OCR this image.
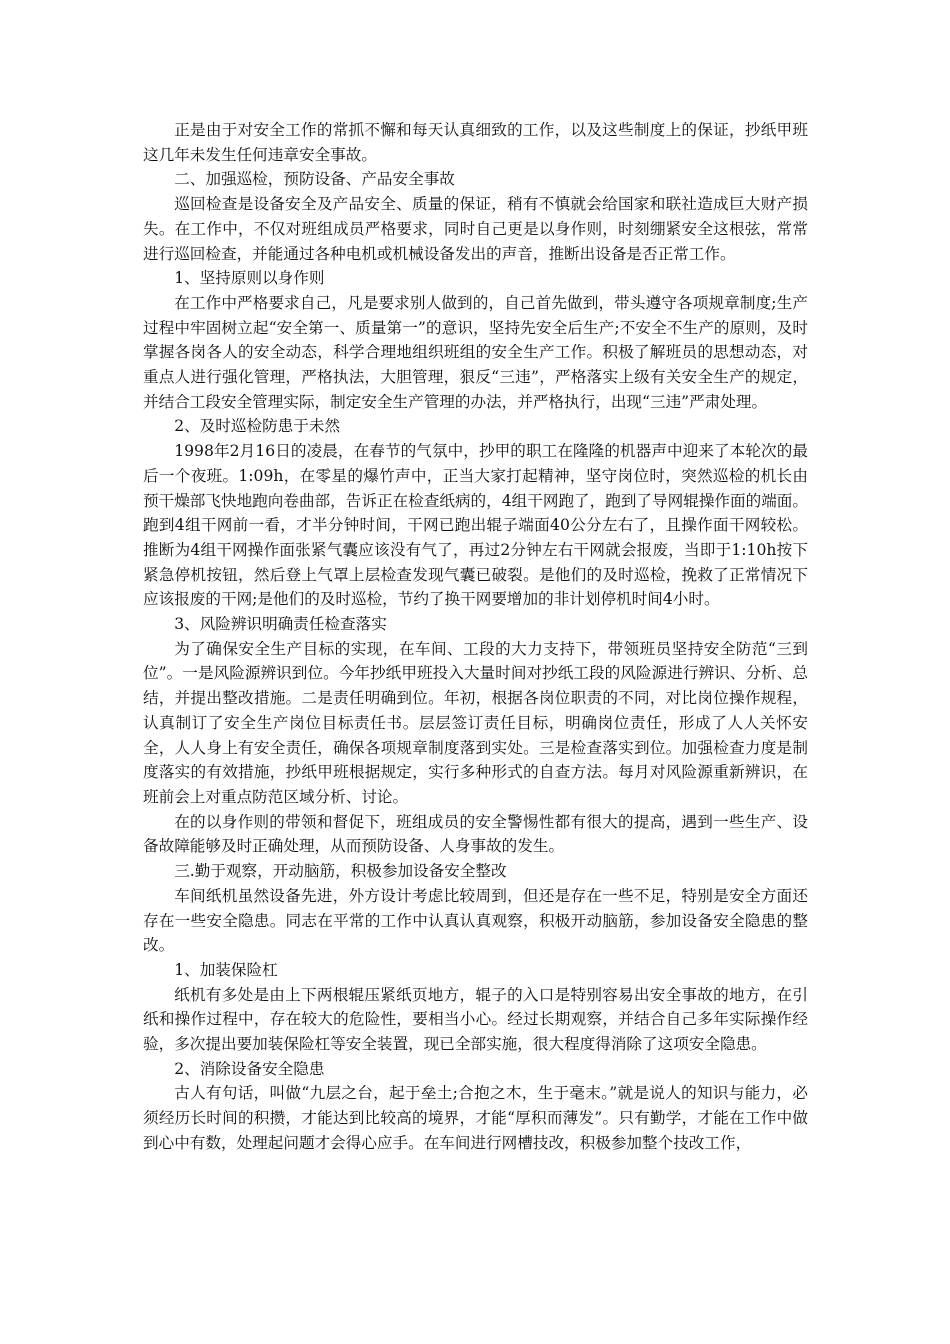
正是由于对安全工作的常抓不懈和每天认真细致的工作，以及这些制度上的保证，抄纸甲班这几年未发生任何违章安全事故。

二、加强巡检，预防设备、产品安全事故

巡回检查是设备安全及产品安全、质量的保证，稍有不慎就会给国家和联社造成巨大财产损失。在工作中，不仅对班组成员严格要求，同时自己更是以身作则，时刻绷紧安全这根弦，常常进行巡回检查，并能通过各种电机或机械设备发出的声音，推断出设备是否正常工作。

1、坚持原则以身作则

在工作中严格要求自己，凡是要求别人做到的，自己首先做到，带头遵守各项规章制度;生产过程中牢固树立起“安全第一、质量第一”的意识，坚持先安全后生产;不安全不生产的原则，及时掌握各岗各人的安全动态，科学合理地组织班组的安全生产工作。积极了解班员的思想动态，对重点人进行强化管理，严格执法，大胆管理，狠反“三违”，严格落实上级有关安全生产的规定，并结合工段安全管理实际，制定安全生产管理的办法，并严格执行，出现“三违”严肃处理。

2、及时巡检防患于未然

1998年2月16日的凌晨，在春节的气氛中，抄甲的职工在隆隆的机器声中迎来了本轮次的最后一个夜班。1:09h，在零星的爆竹声中，正当大家打起精神，坚守岗位时，突然巡检的机长由预干燥部飞快地跑向卷曲部，告诉正在检查纸病的，4组干网跑了，跑到了导网辊操作面的端面。跑到4组干网前一看，才半分钟时间，干网已跑出辊子端面40公分左右了，且操作面干网较松。推断为4组干网操作面张紧气囊应该没有气了，再过2分钟左右干网就会报废，当即于1:10h按下紧急停机按钮，然后登上气罩上层检查发现气囊已破裂。是他们的及时巡检，挽救了正常情况下应该报废的干网;是他们的及时巡检，节约了换干网要增加的非计划停机时间4小时。

3、风险辨识明确责任检查落实

为了确保安全生产目标的实现，在车间、工段的大力支持下，带领班员坚持安全防范“三到位”。一是风险源辨识到位。今年抄纸甲班投入大量时间对抄纸工段的风险源进行辨识、分析、总结，并提出整改措施。二是责任明确到位。年初，根据各岗位职责的不同，对比岗位操作规程，认真制订了安全生产岗位目标责任书。层层签订责任目标，明确岗位责任，形成了人人关怀安全，人人身上有安全责任，确保各项规章制度落到实处。三是检查落实到位。加强检查力度是制度落实的有效措施，抄纸甲班根据规定，实行多种形式的自查方法。每月对风险源重新辨识，在班前会上对重点防范区域分析、讨论。

在的以身作则的带领和督促下，班组成员的安全警惕性都有很大的提高，遇到一些生产、设备故障能够及时正确处理，从而预防设备、人身事故的发生。

三.勤于观察，开动脑筋，积极参加设备安全整改

车间纸机虽然设备先进，外方设计考虑比较周到，但还是存在一些不足，特别是安全方面还存在一些安全隐患。同志在平常的工作中认真认真观察，积极开动脑筋，参加设备安全隐患的整改。

1、加装保险杠

纸机有多处是由上下两根辊压紧纸页地方，辊子的入口是特别容易出安全事故的地方，在引纸和操作过程中，存在较大的危险性，要相当小心。经过长期观察，并结合自己多年实际操作经验，多次提出要加装保险杠等安全装置，现已全部实施，很大程度得消除了这项安全隐患。

2、消除设备安全隐患

古人有句话，叫做“九层之台，起于垒土;合抱之木，生于毫末。”就是说人的知识与能力，必须经历长时间的积攒，才能达到比较高的境界，才能“厚积而薄发”。只有勤学，才能在工作中做到心中有数，处理起问题才会得心应手。在车间进行网槽技改，积极参加整个技改工作，
